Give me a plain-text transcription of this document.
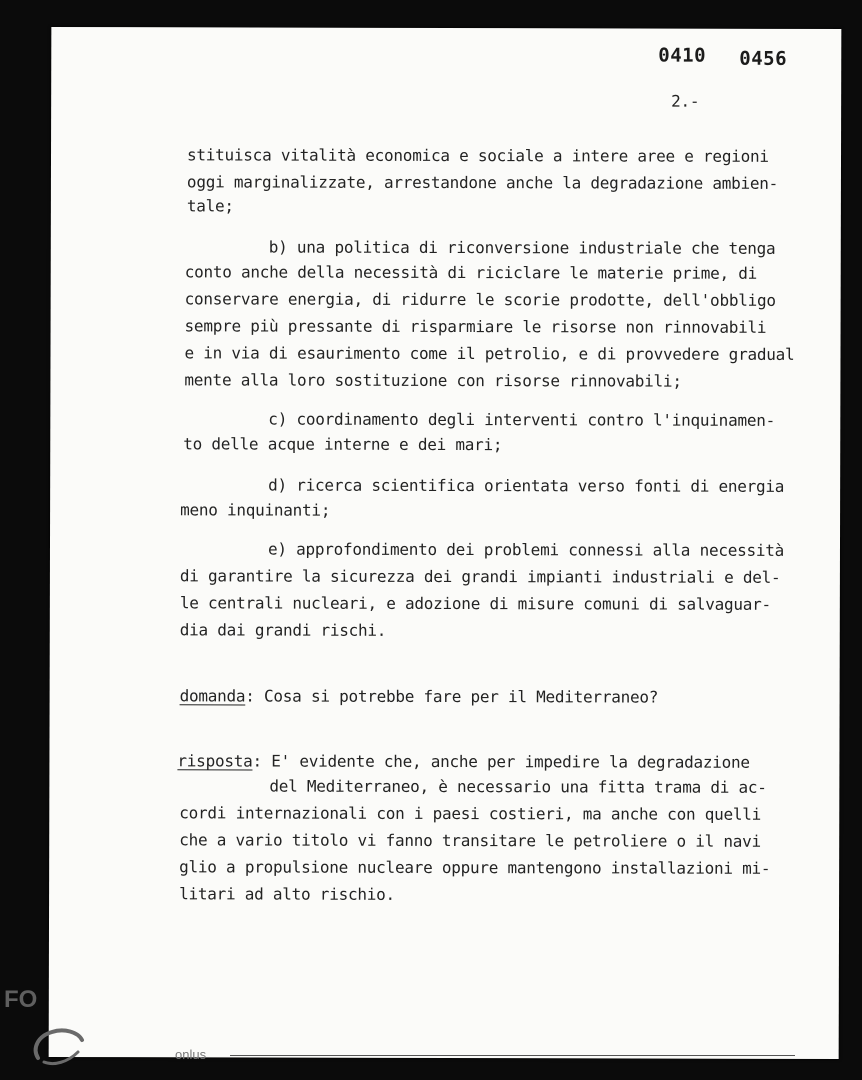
0410 0456
2.-
stituisca vitalità economica e sociale a intere aree e regioni
oggi marginalizzate, arrestandone anche la degradazione ambien-
tale;
b) una politica di riconversione industriale che tenga
conto anche della necessità di riciclare le materie prime, di
conservare energia, di ridurre le scorie prodotte, dell'obbligo
sempre più pressante di risparmiare le risorse non rinnovabili
e in via di esaurimento come il petrolio, e di provvedere gradual
mente alla loro sostituzione con risorse rinnovabili;
c) coordinamento degli interventi contro l'inquinamen-
to delle acque interne e dei mari;
d) ricerca scientifica orientata verso fonti di energia
meno inquinanti;
e) approfondimento dei problemi connessi alla necessità
di garantire la sicurezza dei grandi impianti industriali e del-
le centrali nucleari, e adozione di misure comuni di salvaguar-
dia dai grandi rischi.
domanda: Cosa si potrebbe fare per il Mediterraneo?
risposta: E' evidente che, anche per impedire la degradazione
del Mediterraneo, è necessario una fitta trama di ac-
cordi internazionali con i paesi costieri, ma anche con quelli
che a vario titolo vi fanno transitare le petroliere o il navi
glio a propulsione nucleare oppure mantengono installazioni mi-
litari ad alto rischio.
FO
onlus
